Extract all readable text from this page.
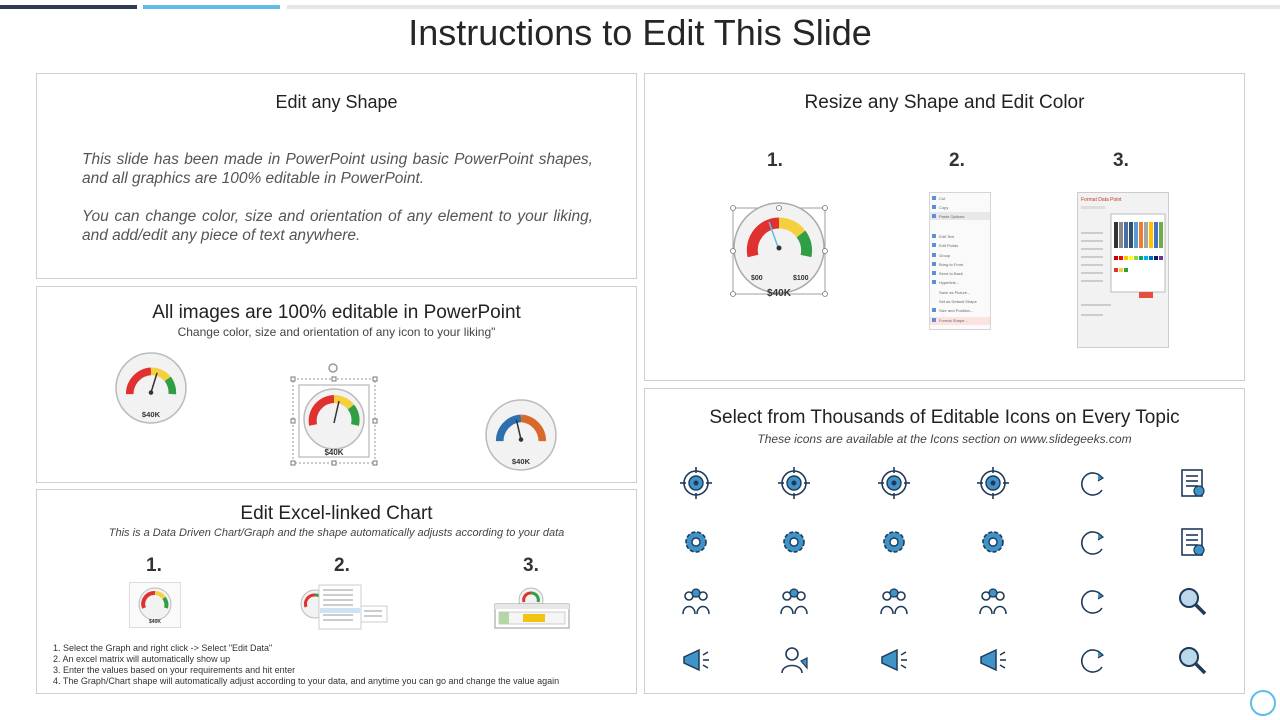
Instructions to Edit This Slide
Edit any Shape
This slide has been made in PowerPoint using basic PowerPoint shapes, and all graphics are 100% editable in PowerPoint.
You can change color, size and orientation of any element to your liking, and add/edit any piece of text anywhere.
All images are 100% editable in PowerPoint
Change color, size and orientation of any icon to your liking"
$40K
$40K
$40K
Edit Excel-linked Chart
This is a Data Driven Chart/Graph and the shape automatically adjusts according to your data
1.	2.	3.
$40K
1. Select the Graph and right click -> Select "Edit Data"
2. An excel matrix will automatically show up
3. Enter the values based on your requirements and hit enter
4. The Graph/Chart shape will automatically adjust according to your data, and anytime you can go and change the value again
Resize any Shape and Edit Color
1.	2.	3.
$00	$100
$40K
Cut
Copy
Paste Options:
Edit Text
Edit Points
Group
Bring to Front
Send to Back
Hyperlink...
Save as Picture...
Set as Default Shape
Size and Position...
Format Shape...
Format Data Point
Select from Thousands of Editable Icons on Every Topic
These icons are available at the Icons section on www.slidegeeks.com
